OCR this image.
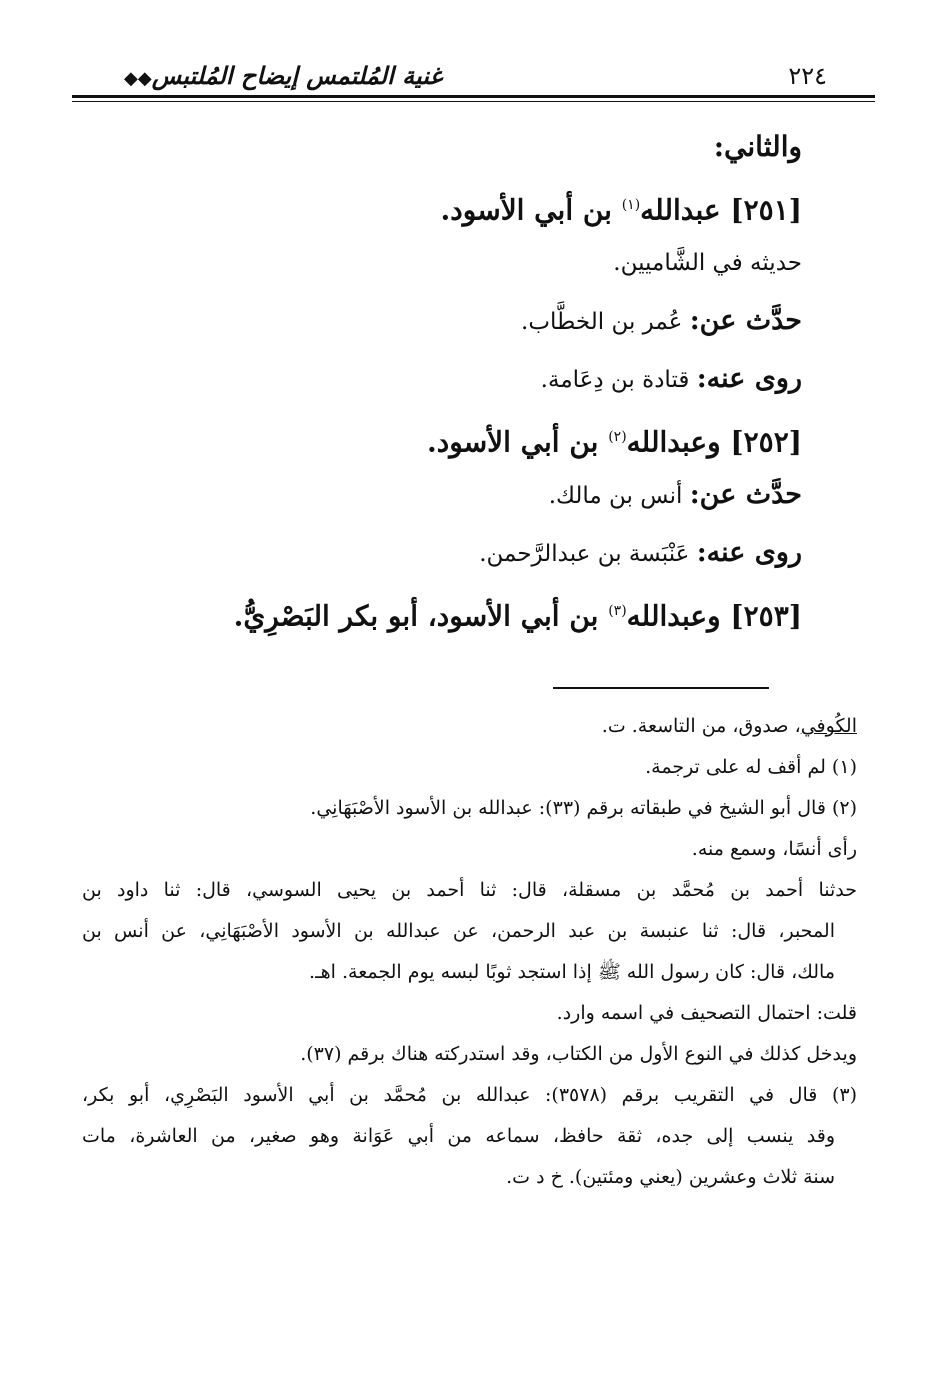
غنية المُلتمس إيضاح المُلتبس◆◆	٢٢٤
والثاني:
[٢٥١] عبدالله$^{(١)}$ بن أبي الأسود.
حديثه في الشَّاميين.
حدَّث عن: عُمر بن الخطَّاب.
روى عنه: قتادة بن دِعَامة.
[٢٥٢] وعبدالله$^{(٢)}$ بن أبي الأسود.
حدَّث عن: أنس بن مالك.
روى عنه: عَنْبَسة بن عبدالرَّحمن.
[٢٥٣] وعبدالله$^{(٣)}$ بن أبي الأسود، أبو بكر البَصْرِيُّ.
الكُوفي، صدوق، من التاسعة. ت.
(١) لم أقف له على ترجمة.
(٢) قال أبو الشيخ في طبقاته برقم (٣٣): عبدالله بن الأسود الأصْبَهَانِي.
رأى أنسًا، وسمع منه.
حدثنا أحمد بن مُحمَّد بن مسقلة، قال: ثنا أحمد بن يحيى السوسي، قال: ثنا داود بن
المحبر، قال: ثنا عنبسة بن عبد الرحمن، عن عبدالله بن الأسود الأصْبَهَانِي، عن أنس بن
مالك، قال: كان رسول الله ﷺ إذا استجد ثوبًا لبسه يوم الجمعة. اهـ.
قلت: احتمال التصحيف في اسمه وارد.
ويدخل كذلك في النوع الأول من الكتاب، وقد استدركته هناك برقم (٣٧).
(٣) قال في التقريب برقم (٣٥٧٨): عبدالله بن مُحمَّد بن أبي الأسود البَصْرِي، أبو بكر،
وقد ينسب إلى جده، ثقة حافظ، سماعه من أبي عَوَانة وهو صغير، من العاشرة، مات
سنة ثلاث وعشرين (يعني ومئتين). خ د ت.
